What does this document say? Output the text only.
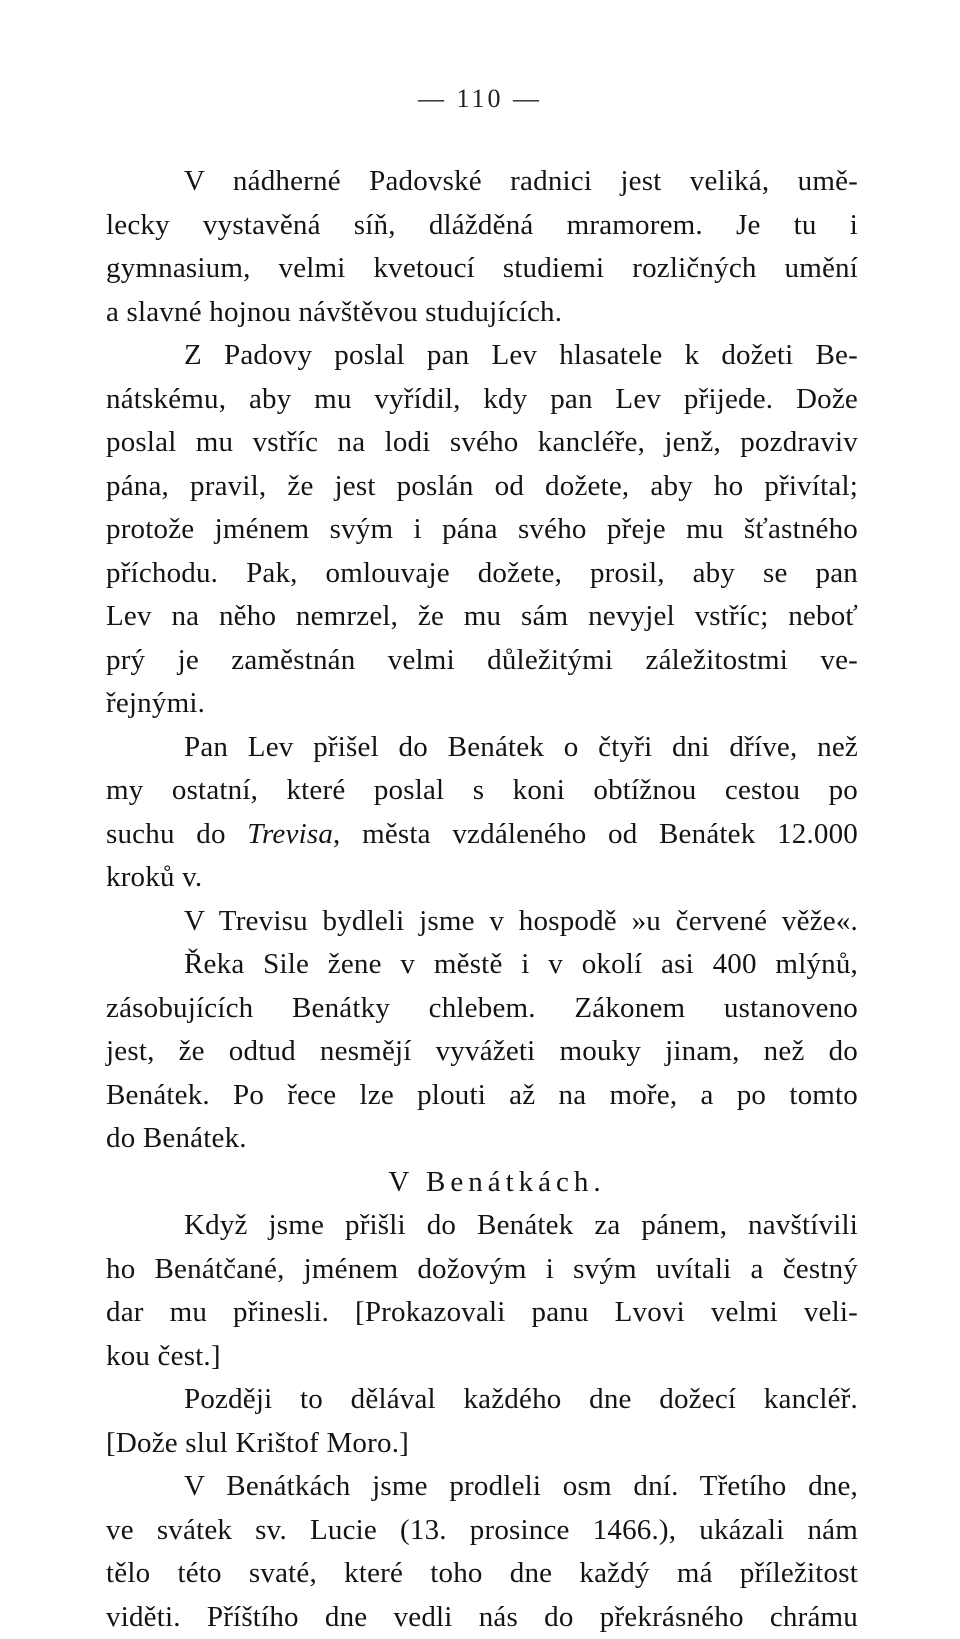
— 110 —
V nádherné Padovské radnici jest veliká, umě-
lecky vystavěná síň, dlážděná mramorem. Je tu i
gymnasium, velmi kvetoucí studiemi rozličných umění
a slavné hojnou návštěvou studujících.
Z Padovy poslal pan Lev hlasatele k dožeti Be-
nátskému, aby mu vyřídil, kdy pan Lev přijede. Dože
poslal mu vstříc na lodi svého kancléře, jenž, pozdraviv
pána, pravil, že jest poslán od dožete, aby ho přivítal;
protože jménem svým i pána svého přeje mu šťastného
příchodu. Pak, omlouvaje dožete, prosil, aby se pan
Lev na něho nemrzel, že mu sám nevyjel vstříc; neboť
prý je zaměstnán velmi důležitými záležitostmi ve-
řejnými.
Pan Lev přišel do Benátek o čtyři dni dříve, než
my ostatní, které poslal s koni obtížnou cestou po
suchu do Trevisa, města vzdáleného od Benátek 12.000
kroků v.
V Trevisu bydleli jsme v hospodě »u červené věže«.
Řeka Sile žene v městě i v okolí asi 400 mlýnů,
zásobujících Benátky chlebem. Zákonem ustanoveno
jest, že odtud nesmějí vyvážeti mouky jinam, než do
Benátek. Po řece lze plouti až na moře, a po tomto
do Benátek.
V Benátkách.
Když jsme přišli do Benátek za pánem, navštívili
ho Benátčané, jménem dožovým i svým uvítali a čestný
dar mu přinesli. [Prokazovali panu Lvovi velmi veli-
kou čest.]
Později to dělával každého dne dožecí kancléř.
[Dože slul Krištof Moro.]
V Benátkách jsme prodleli osm dní. Třetího dne,
ve svátek sv. Lucie (13. prosince 1466.), ukázali nám
tělo této svaté, které toho dne každý má příležitost
viděti. Příštího dne vedli nás do překrásného chrámu
